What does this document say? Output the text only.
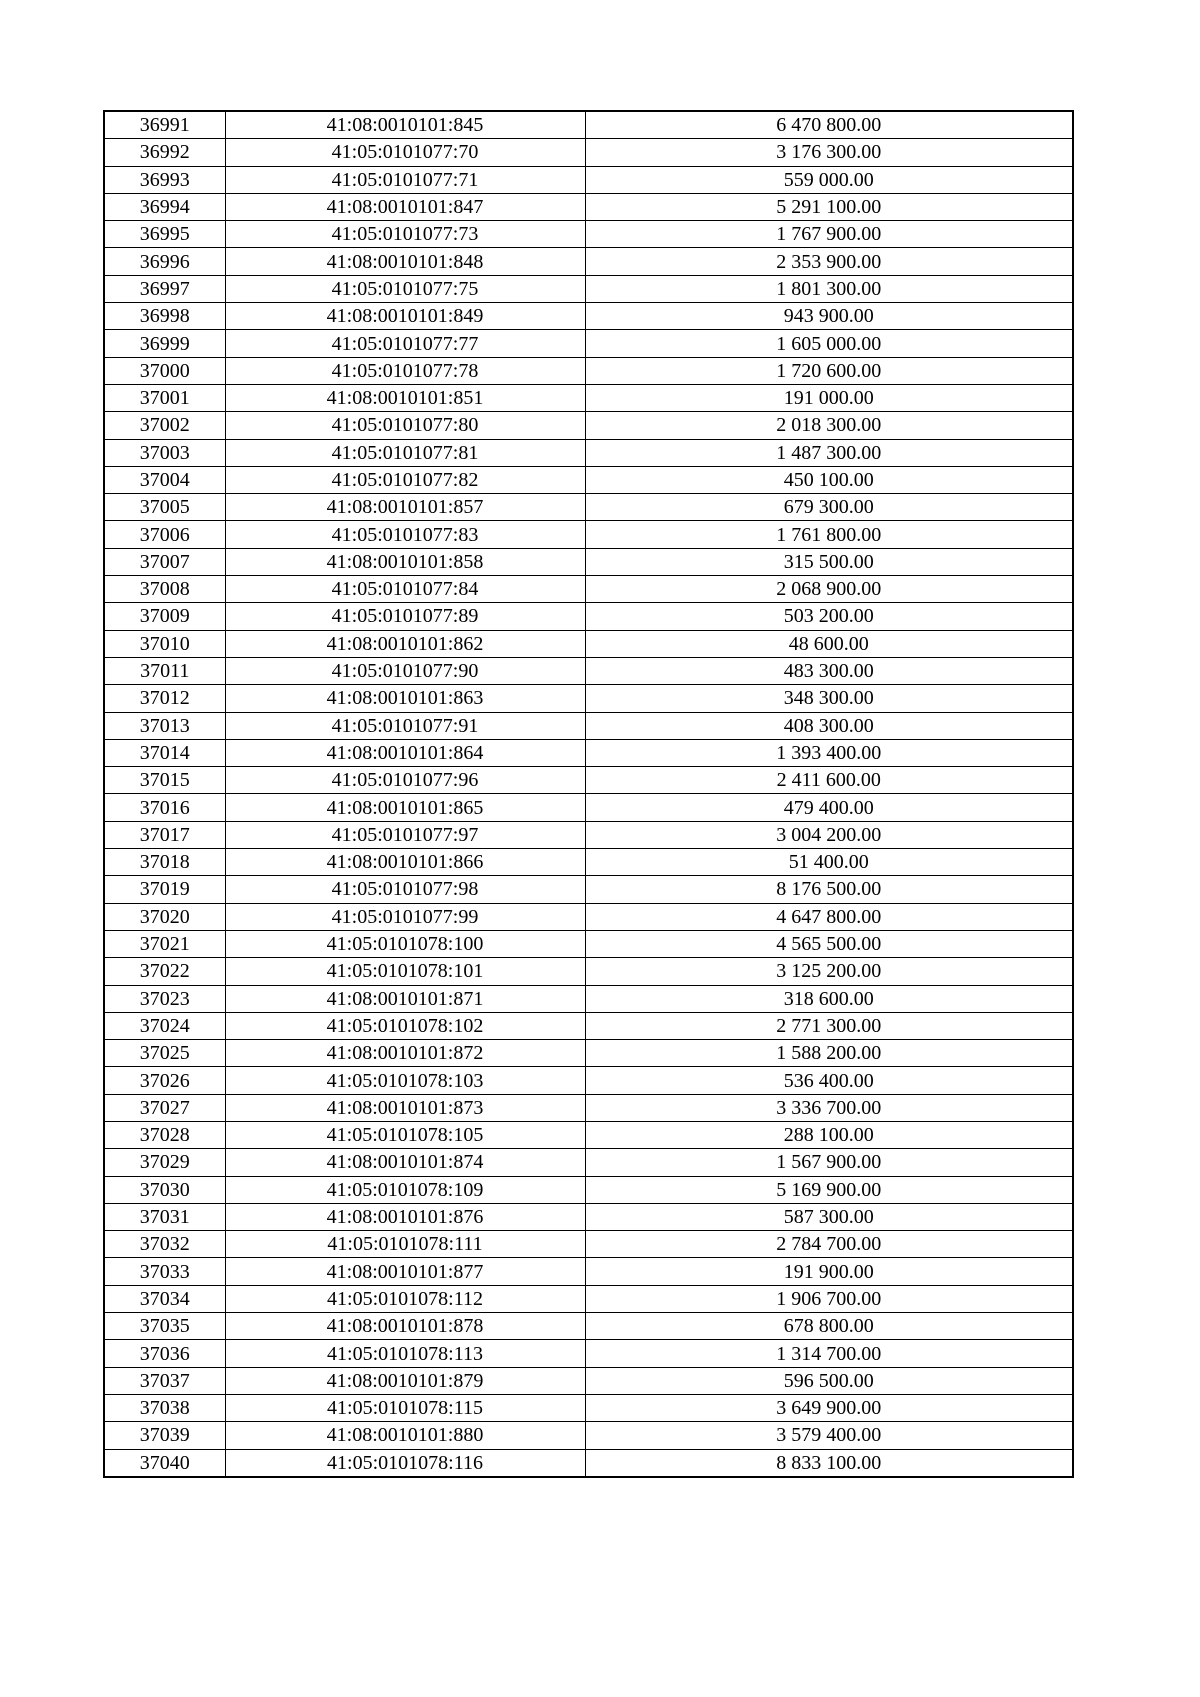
36991	41:08:0010101:845	6 470 800.00
36992	41:05:0101077:70	3 176 300.00
36993	41:05:0101077:71	559 000.00
36994	41:08:0010101:847	5 291 100.00
36995	41:05:0101077:73	1 767 900.00
36996	41:08:0010101:848	2 353 900.00
36997	41:05:0101077:75	1 801 300.00
36998	41:08:0010101:849	943 900.00
36999	41:05:0101077:77	1 605 000.00
37000	41:05:0101077:78	1 720 600.00
37001	41:08:0010101:851	191 000.00
37002	41:05:0101077:80	2 018 300.00
37003	41:05:0101077:81	1 487 300.00
37004	41:05:0101077:82	450 100.00
37005	41:08:0010101:857	679 300.00
37006	41:05:0101077:83	1 761 800.00
37007	41:08:0010101:858	315 500.00
37008	41:05:0101077:84	2 068 900.00
37009	41:05:0101077:89	503 200.00
37010	41:08:0010101:862	48 600.00
37011	41:05:0101077:90	483 300.00
37012	41:08:0010101:863	348 300.00
37013	41:05:0101077:91	408 300.00
37014	41:08:0010101:864	1 393 400.00
37015	41:05:0101077:96	2 411 600.00
37016	41:08:0010101:865	479 400.00
37017	41:05:0101077:97	3 004 200.00
37018	41:08:0010101:866	51 400.00
37019	41:05:0101077:98	8 176 500.00
37020	41:05:0101077:99	4 647 800.00
37021	41:05:0101078:100	4 565 500.00
37022	41:05:0101078:101	3 125 200.00
37023	41:08:0010101:871	318 600.00
37024	41:05:0101078:102	2 771 300.00
37025	41:08:0010101:872	1 588 200.00
37026	41:05:0101078:103	536 400.00
37027	41:08:0010101:873	3 336 700.00
37028	41:05:0101078:105	288 100.00
37029	41:08:0010101:874	1 567 900.00
37030	41:05:0101078:109	5 169 900.00
37031	41:08:0010101:876	587 300.00
37032	41:05:0101078:111	2 784 700.00
37033	41:08:0010101:877	191 900.00
37034	41:05:0101078:112	1 906 700.00
37035	41:08:0010101:878	678 800.00
37036	41:05:0101078:113	1 314 700.00
37037	41:08:0010101:879	596 500.00
37038	41:05:0101078:115	3 649 900.00
37039	41:08:0010101:880	3 579 400.00
37040	41:05:0101078:116	8 833 100.00
